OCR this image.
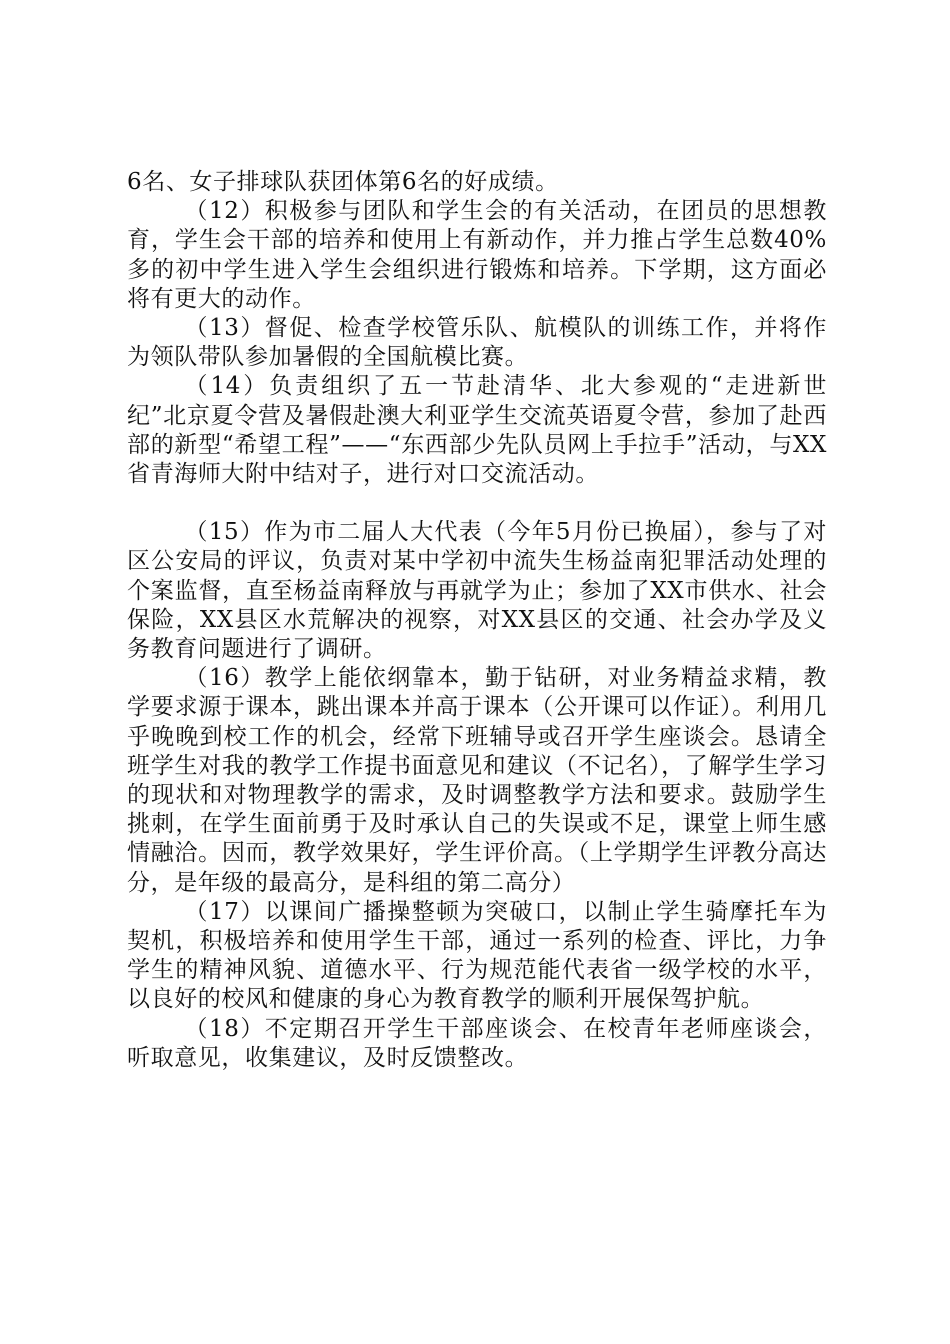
6名、女子排球队获团体第6名的好成绩。

（12）积极参与团队和学生会的有关活动，在团员的思想教育，学生会干部的培养和使用上有新动作，并力推占学生总数40%多的初中学生进入学生会组织进行锻炼和培养。下学期，这方面必将有更大的动作。

（13）督促、检查学校管乐队、航模队的训练工作，并将作为领队带队参加暑假的全国航模比赛。

（14）负责组织了五一节赴清华、北大参观的“走进新世纪”北京夏令营及暑假赴澳大利亚学生交流英语夏令营，参加了赴西部的新型“希望工程”——“东西部少先队员网上手拉手”活动，与XX省青海师大附中结对子，进行对口交流活动。

（15）作为市二届人大代表（今年5月份已换届），参与了对区公安局的评议，负责对某中学初中流失生杨益南犯罪活动处理的个案监督，直至杨益南释放与再就学为止；参加了XX市供水、社会保险，XX县区水荒解决的视察，对XX县区的交通、社会办学及义务教育问题进行了调研。

（16）教学上能依纲靠本，勤于钻研，对业务精益求精，教学要求源于课本，跳出课本并高于课本（公开课可以作证）。利用几乎晚晚到校工作的机会，经常下班辅导或召开学生座谈会。恳请全班学生对我的教学工作提书面意见和建议（不记名），了解学生学习的现状和对物理教学的需求，及时调整教学方法和要求。鼓励学生挑刺，在学生面前勇于及时承认自己的失误或不足，课堂上师生感情融洽。因而，教学效果好，学生评价高。（上学期学生评教分高达分，是年级的最高分，是科组的第二高分）

（17）以课间广播操整顿为突破口，以制止学生骑摩托车为契机，积极培养和使用学生干部，通过一系列的检查、评比，力争学生的精神风貌、道德水平、行为规范能代表省一级学校的水平，以良好的校风和健康的身心为教育教学的顺利开展保驾护航。

（18）不定期召开学生干部座谈会、在校青年老师座谈会，听取意见，收集建议，及时反馈整改。
